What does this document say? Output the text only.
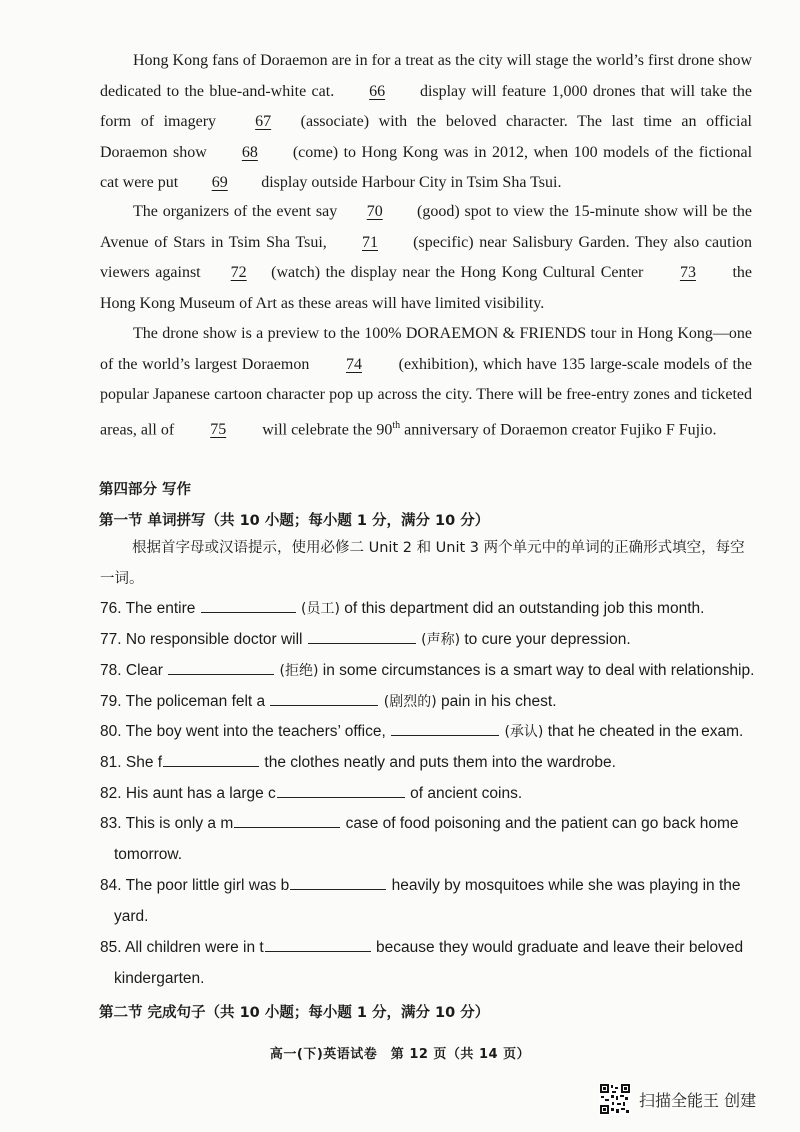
Hong Kong fans of Doraemon are in for a treat as the city will stage the world’s first drone show dedicated to the blue-and-white cat. 66 display will feature 1,000 drones that will take the form of imagery 67 (associate) with the beloved character. The last time an official Doraemon show 68 (come) to Hong Kong was in 2012, when 100 models of the fictional cat were put 69 display outside Harbour City in Tsim Sha Tsui.
The organizers of the event say 70 (good) spot to view the 15-minute show will be the Avenue of Stars in Tsim Sha Tsui, 71 (specific) near Salisbury Garden. They also caution viewers against 72 (watch) the display near the Hong Kong Cultural Center 73 the Hong Kong Museum of Art as these areas will have limited visibility.
The drone show is a preview to the 100% DORAEMON & FRIENDS tour in Hong Kong—one of the world’s largest Doraemon 74 (exhibition), which have 135 large-scale models of the popular Japanese cartoon character pop up across the city. There will be free-entry zones and ticketed areas, all of 75 will celebrate the 90th anniversary of Doraemon creator Fujiko F Fujio.
第四部分 写作
第一节 单词拼写（共 10 小题；每小题 1 分，满分 10 分）
根据首字母或汉语提示，使用必修二 Unit 2 和 Unit 3 两个单元中的单词的正确形式填空，每空一词。
76. The entire	(员工) of this department did an outstanding job this month.
77. No responsible doctor will	(声称) to cure your depression.
78. Clear	(拒绝) in some circumstances is a smart way to deal with relationship.
79. The policeman felt a	(剧烈的) pain in his chest.
80. The boy went into the teachers’ office,	(承认) that he cheated in the exam.
81. She f	the clothes neatly and puts them into the wardrobe.
82. His aunt has a large c	of ancient coins.
83. This is only a m	case of food poisoning and the patient can go back home
tomorrow.
84. The poor little girl was b	heavily by mosquitoes while she was playing in the
yard.
85. All children were in t	because they would graduate and leave their beloved
kindergarten.
第二节 完成句子（共 10 小题；每小题 1 分，满分 10 分）
高一(下)英语试卷　第 12 页（共 14 页）
扫描全能王 创建
